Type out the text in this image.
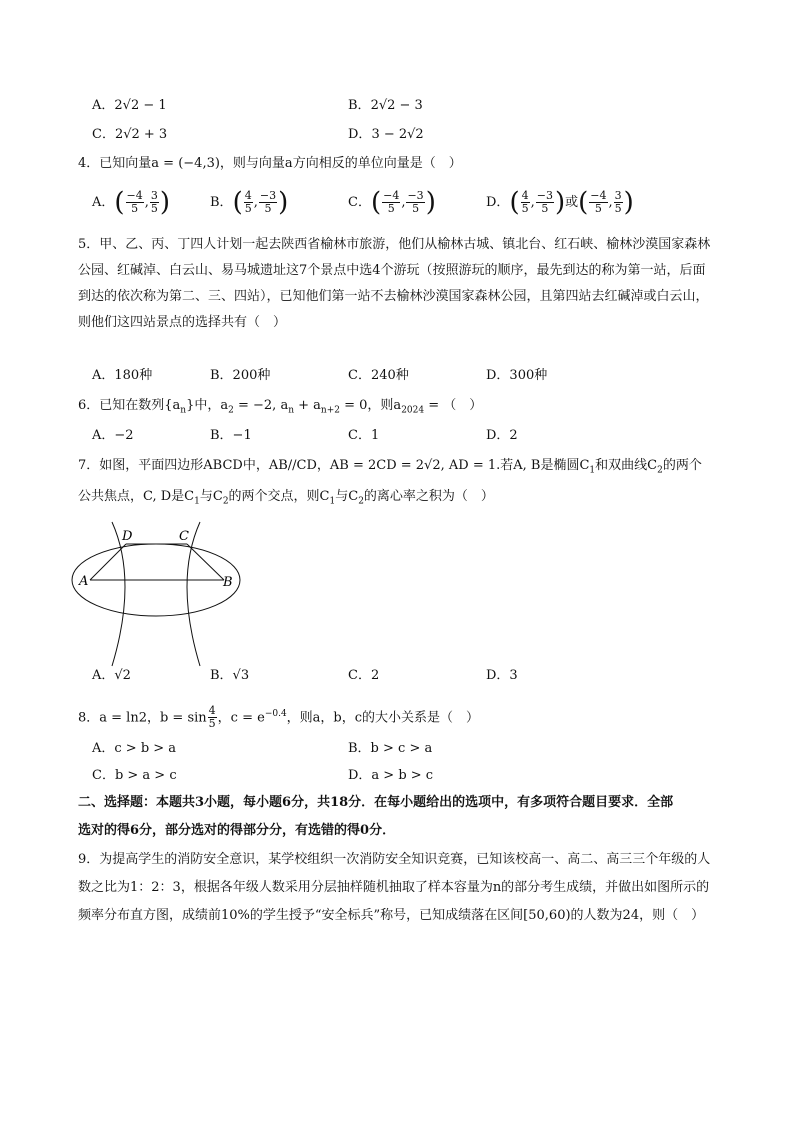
A．2√2 − 1	B．2√2 − 3
C．2√2 + 3	D．3 − 2√2
4．已知向量a = (−4,3)，则与向量a方向相反的单位向量是（　）
A．( $\frac{-4}{5}$ , $\frac{3}{5}$ )	B．( $\frac{4}{5}$ , $\frac{-3}{5}$ )	C．( $\frac{-4}{5}$ , $\frac{-3}{5}$ )	D．( $\frac{4}{5}$ , $\frac{-3}{5}$ )或( $\frac{-4}{5}$ , $\frac{3}{5}$ )
5．甲、乙、丙、丁四人计划一起去陕西省榆林市旅游，他们从榆林古城、镇北台、红石峡、榆林沙漠国家森林公园、红碱淖、白云山、易马城遗址这7个景点中选4个游玩（按照游玩的顺序，最先到达的称为第一站，后面到达的依次称为第二、三、四站），已知他们第一站不去榆林沙漠国家森林公园，且第四站去红碱淖或白云山，则他们这四站景点的选择共有（　）
A．180种	B．200种	C．240种	D．300种
6．已知在数列$\{a_n\}$中，$a_2 = -2$, $a_n + a_{n+2} = 0$，则$a_{2024}$ = （　）
A．−2	B．−1	C．1	D．2
7．如图，平面四边形ABCD中，AB//CD，AB = 2CD = 2√2, AD = 1.若A, B是椭圆$C_1$和双曲线$C_2$的两个
公共焦点，C, D是$C_1$与$C_2$的两个交点，则$C_1$与$C_2$的离心率之积为（　）
A	B
C
D
A．√2	B．√3	C．2	D．3
8．a = ln2，$b = \sin \frac{4}{5}$ ，$c = e^{-0.4}$，则a，b，c的大小关系是（　）
A．c > b > a	B．b > c > a
C．b > a > c	D．a > b > c
二、选择题：本题共3小题，每小题6分，共18分．在每小题给出的选项中，有多项符合题目要求．全部
选对的得6分，部分选对的得部分分，有选错的得0分．
9．为提高学生的消防安全意识，某学校组织一次消防安全知识竞赛，已知该校高一、高二、高三三个年级的人数之比为1：2：3，根据各年级人数采用分层抽样随机抽取了样本容量为n的部分考生成绩，并做出如图所示的频率分布直方图，成绩前10%的学生授予“安全标兵”称号，已知成绩落在区间[50,60)的人数为24，则（　）
